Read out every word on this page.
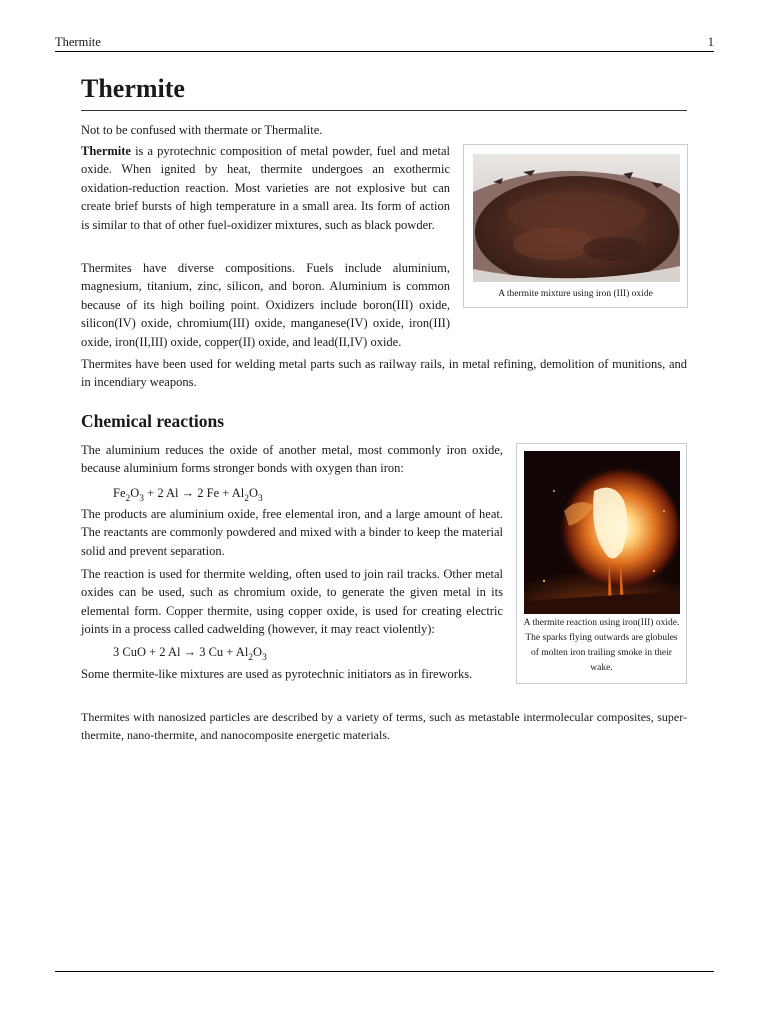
Thermite	1
Thermite

Not to be confused with thermate or Thermalite.

Thermite is a pyrotechnic composition of metal powder, fuel and metal oxide. When ignited by heat, thermite undergoes an exothermic oxidation-reduction reaction. Most varieties are not explosive but can create brief bursts of high temperature in a small area. Its form of action is similar to that of other fuel-oxidizer mixtures, such as black powder.

Thermites have diverse compositions. Fuels include aluminium, magnesium, titanium, zinc, silicon, and boron. Aluminium is common because of its high boiling point. Oxidizers include boron(III) oxide, silicon(IV) oxide, chromium(III) oxide, manganese(IV) oxide, iron(III) oxide, iron(II,III) oxide, copper(II) oxide, and lead(II,IV) oxide.

A thermite mixture using iron (III) oxide

Thermites have been used for welding metal parts such as railway rails, in metal refining, demolition of munitions, and in incendiary weapons.

Chemical reactions

The aluminium reduces the oxide of another metal, most commonly iron oxide, because aluminium forms stronger bonds with oxygen than iron:

$Fe_2O_3 + 2$ Al → 2 $Fe + Al_2O_3$

The products are aluminium oxide, free elemental iron, and a large amount of heat. The reactants are commonly powdered and mixed with a binder to keep the material solid and prevent separation.

The reaction is used for thermite welding, often used to join rail tracks. Other metal oxides can be used, such as chromium oxide, to generate the given metal in its elemental form. Copper thermite, using copper oxide, is used for creating electric joints in a process called cadwelding (however, it may react violently):

3 CuO + 2 Al → 3 $Cu + Al_2O_3$

Some thermite-like mixtures are used as pyrotechnic initiators as in fireworks.

A thermite reaction using iron(III) oxide. The sparks flying outwards are globules of molten iron trailing smoke in their wake.

Thermites with nanosized particles are described by a variety of terms, such as metastable intermolecular composites, super-thermite, nano-thermite, and nanocomposite energetic materials.
